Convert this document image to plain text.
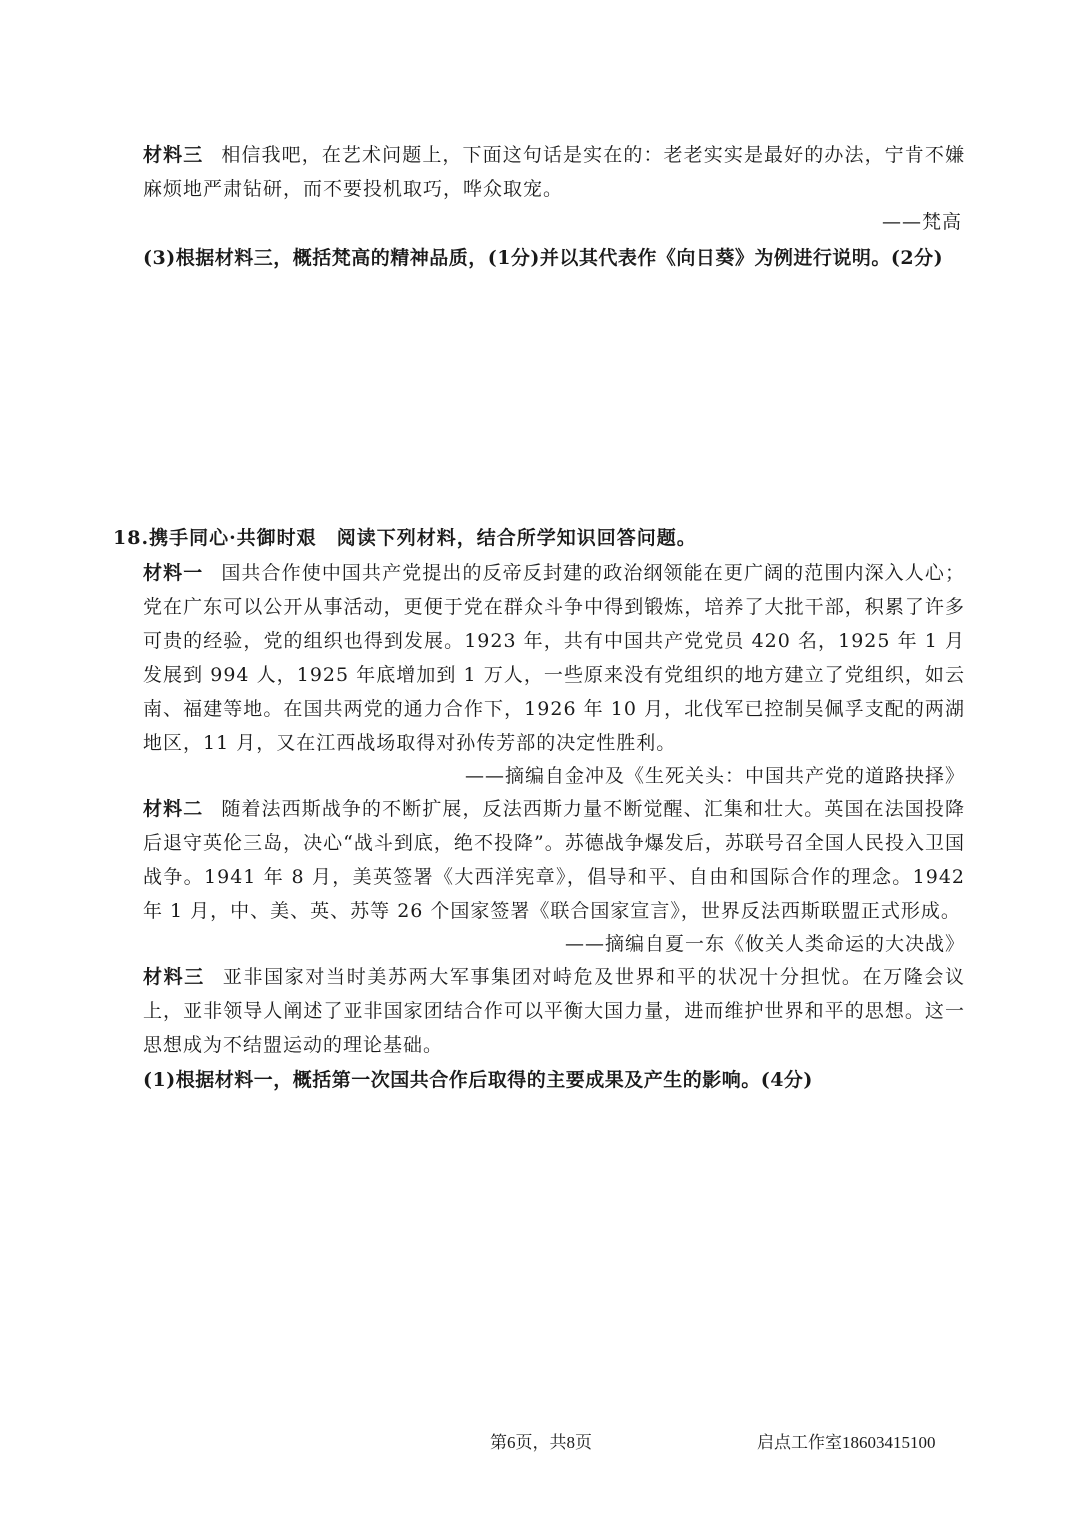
材料三 相信我吧，在艺术问题上，下面这句话是实在的：老老实实是最好的办法，宁肯不嫌麻烦地严肃钻研，而不要投机取巧，哗众取宠。
——梵高
(3)根据材料三，概括梵高的精神品质，(1分)并以其代表作《向日葵》为例进行说明。(2分)
18.携手同心·共御时艰 阅读下列材料，结合所学知识回答问题。
材料一 国共合作使中国共产党提出的反帝反封建的政治纲领能在更广阔的范围内深入人心；党在广东可以公开从事活动，更便于党在群众斗争中得到锻炼，培养了大批干部，积累了许多可贵的经验，党的组织也得到发展。1923 年，共有中国共产党党员 420 名，1925 年 1 月发展到 994 人，1925 年底增加到 1 万人，一些原来没有党组织的地方建立了党组织，如云南、福建等地。在国共两党的通力合作下，1926 年 10 月，北伐军已控制吴佩孚支配的两湖地区，11 月，又在江西战场取得对孙传芳部的决定性胜利。
——摘编自金冲及《生死关头：中国共产党的道路抉择》
材料二 随着法西斯战争的不断扩展，反法西斯力量不断觉醒、汇集和壮大。英国在法国投降后退守英伦三岛，决心“战斗到底，绝不投降”。苏德战争爆发后，苏联号召全国人民投入卫国战争。1941 年 8 月，美英签署《大西洋宪章》，倡导和平、自由和国际合作的理念。1942 年 1 月，中、美、英、苏等 26 个国家签署《联合国家宣言》，世界反法西斯联盟正式形成。
——摘编自夏一东《攸关人类命运的大决战》
材料三 亚非国家对当时美苏两大军事集团对峙危及世界和平的状况十分担忧。在万隆会议上，亚非领导人阐述了亚非国家团结合作可以平衡大国力量，进而维护世界和平的思想。这一思想成为不结盟运动的理论基础。
(1)根据材料一，概括第一次国共合作后取得的主要成果及产生的影响。(4分)
第6页，共8页	启点工作室18603415100
